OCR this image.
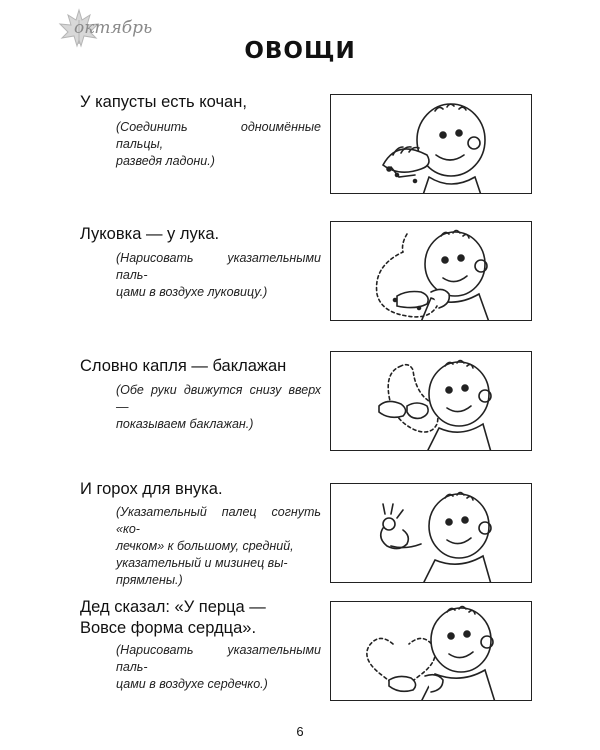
октябрь
ОВОЩИ
У капусты есть кочан,
(Соединить одноимённые пальцы,
разведя ладони.)
Луковка — у лука.
(Нарисовать указательными паль-
цами в воздухе луковицу.)
Словно капля — баклажан
(Обе руки движутся снизу вверх —
показываем баклажан.)
И горох для внука.
(Указательный палец согнуть «ко-
лечком» к большому, средний,
указательный и мизинец вы-
прямлены.)
Дед сказал: «У перца —
Вовсе форма сердца».
(Нарисовать указательными паль-
цами в воздухе сердечко.)
6
